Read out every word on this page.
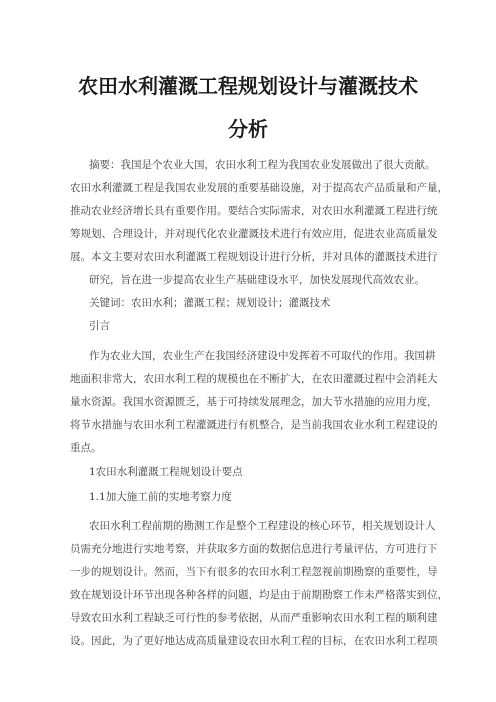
农田水利灌溉工程规划设计与灌溉技术
分析
摘要：我国是个农业大国，农田水利工程为我国农业发展做出了很大贡献。
农田水利灌溉工程是我国农业发展的重要基础设施，对于提高农产品质量和产量，
推动农业经济增长具有重要作用。要结合实际需求，对农田水利灌溉工程进行统
筹规划、合理设计，并对现代化农业灌溉技术进行有效应用，促进农业高质量发
展。本文主要对农田水利灌溉工程规划设计进行分析，并对具体的灌溉技术进行
研究，旨在进一步提高农业生产基础建设水平，加快发展现代高效农业。
关键词：农田水利；灌溉工程；规划设计；灌溉技术
引言
作为农业大国，农业生产在我国经济建设中发挥着不可取代的作用。我国耕
地面积非常大，农田水利工程的规模也在不断扩大，在农田灌溉过程中会消耗大
量水资源。我国水资源匮乏，基于可持续发展理念，加大节水措施的应用力度，
将节水措施与农田水利工程灌溉进行有机整合，是当前我国农业水利工程建设的
重点。
1农田水利灌溉工程规划设计要点
1.1加大施工前的实地考察力度
农田水利工程前期的勘测工作是整个工程建设的核心环节，相关规划设计人
员需充分地进行实地考察，并获取多方面的数据信息进行考量评估，方可进行下
一步的规划设计。然而，当下有很多的农田水利工程忽视前期勘察的重要性，导
致在规划设计环节出现各种各样的问题，均是由于前期勘察工作未严格落实到位，
导致农田水利工程缺乏可行性的参考依据，从而严重影响农田水利工程的顺利建
设。因此，为了更好地达成高质量建设农田水利工程的目标，在农田水利工程项
